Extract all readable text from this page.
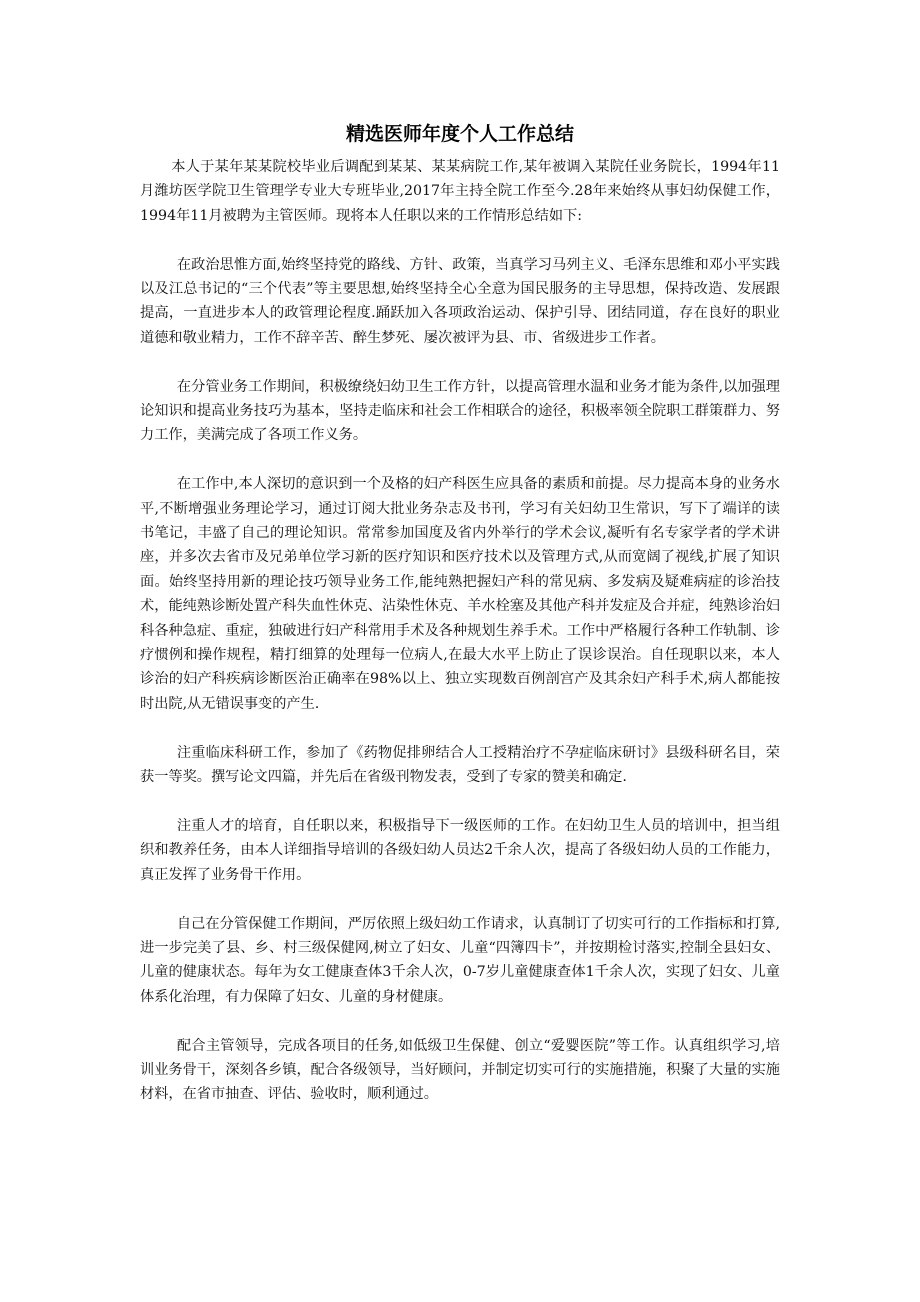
精选医师年度个人工作总结

本人于某年某某院校毕业后调配到某某、某某病院工作,某年被调入某院任业务院长，1994年11月潍坊医学院卫生管理学专业大专班毕业,2017年主持全院工作至今.28年来始终从事妇幼保健工作，1994年11月被聘为主管医师。现将本人任职以来的工作情形总结如下:

在政治思惟方面,始终坚持党的路线、方针、政策，当真学习马列主义、毛泽东思维和邓小平实践以及江总书记的“三个代表”等主要思想,始终坚持全心全意为国民服务的主导思想，保持改造、发展跟提高，一直进步本人的政管理论程度.踊跃加入各项政治运动、保护引导、团结同道，存在良好的职业道德和敬业精力，工作不辞辛苦、醉生梦死、屡次被评为县、市、省级进步工作者。

在分管业务工作期间，积极缭绕妇幼卫生工作方针，以提高管理水温和业务才能为条件,以加强理论知识和提高业务技巧为基本，坚持走临床和社会工作相联合的途径，积极率领全院职工群策群力、努力工作，美满完成了各项工作义务。

在工作中,本人深切的意识到一个及格的妇产科医生应具备的素质和前提。尽力提高本身的业务水平,不断增强业务理论学习，通过订阅大批业务杂志及书刊，学习有关妇幼卫生常识，写下了端详的读书笔记，丰盛了自己的理论知识。常常参加国度及省内外举行的学术会议,凝听有名专家学者的学术讲座，并多次去省市及兄弟单位学习新的医疗知识和医疗技术以及管理方式,从而宽阔了视线,扩展了知识面。始终坚持用新的理论技巧领导业务工作,能纯熟把握妇产科的常见病、多发病及疑难病症的诊治技术，能纯熟诊断处置产科失血性休克、沾染性休克、羊水栓塞及其他产科并发症及合并症，纯熟诊治妇科各种急症、重症，独破进行妇产科常用手术及各种规划生养手术。工作中严格履行各种工作轨制、诊疗惯例和操作规程，精打细算的处理每一位病人,在最大水平上防止了误诊误治。自任现职以来，本人诊治的妇产科疾病诊断医治正确率在98%以上、独立实现数百例剖宫产及其余妇产科手术,病人都能按时出院,从无错误事变的产生.

注重临床科研工作，参加了《药物促排卵结合人工授精治疗不孕症临床研讨》县级科研名目，荣获一等奖。撰写论文四篇，并先后在省级刊物发表，受到了专家的赞美和确定.

注重人才的培育，自任职以来，积极指导下一级医师的工作。在妇幼卫生人员的培训中，担当组织和教养任务，由本人详细指导培训的各级妇幼人员达2千余人次，提高了各级妇幼人员的工作能力，真正发挥了业务骨干作用。

自己在分管保健工作期间，严厉依照上级妇幼工作请求，认真制订了切实可行的工作指标和打算,进一步完美了县、乡、村三级保健网,树立了妇女、儿童“四簿四卡”，并按期检讨落实,控制全县妇女、儿童的健康状态。每年为女工健康查体3千余人次，0-7岁儿童健康查体1千余人次，实现了妇女、儿童体系化治理，有力保障了妇女、儿童的身材健康。

配合主管领导，完成各项目的任务,如低级卫生保健、创立“爱婴医院”等工作。认真组织学习,培训业务骨干，深刻各乡镇，配合各级领导，当好顾问，并制定切实可行的实施措施，积聚了大量的实施材料，在省市抽查、评估、验收时，顺利通过。
